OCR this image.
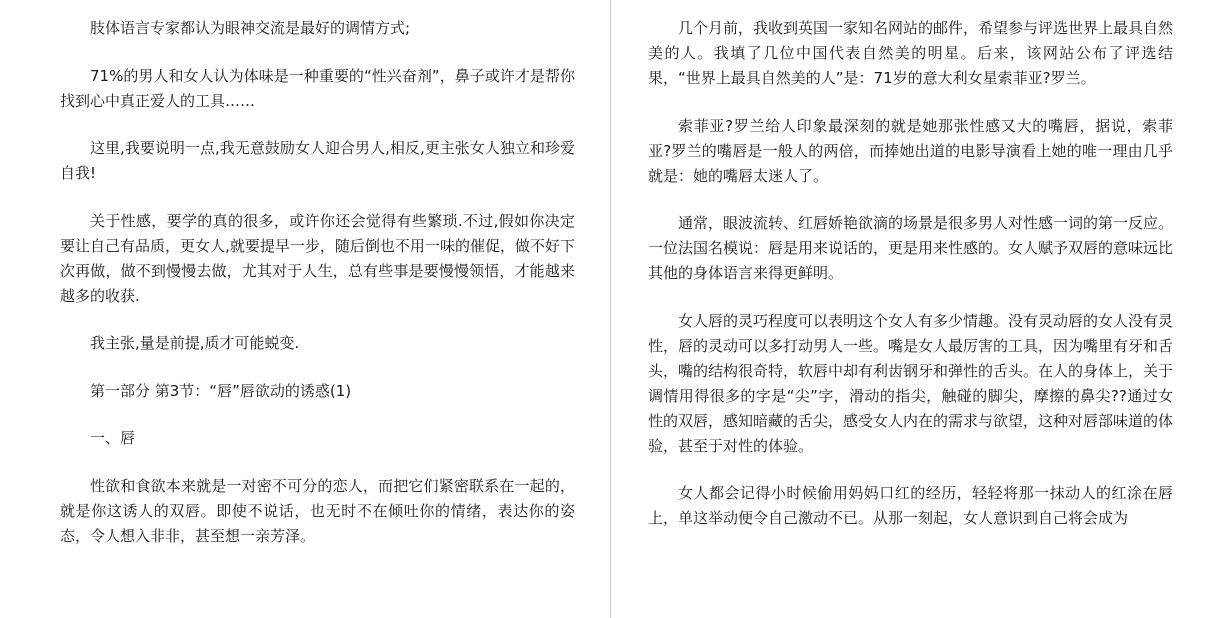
肢体语言专家都认为眼神交流是最好的调情方式;

71%的男人和女人认为体味是一种重要的“性兴奋剂”，鼻子或许才是帮你找到心中真正爱人的工具……

这里,我要说明一点,我无意鼓励女人迎合男人,相反,更主张女人独立和珍爱自我!

关于性感，要学的真的很多，或许你还会觉得有些繁琐.不过,假如你决定要让自己有品质，更女人,就要提早一步，随后倒也不用一味的催促，做不好下次再做，做不到慢慢去做，尤其对于人生，总有些事是要慢慢领悟，才能越来越多的收获.

我主张,量是前提,质才可能蜕变.

第一部分 第3节：“唇”唇欲动的诱惑(1)

一、唇

性欲和食欲本来就是一对密不可分的恋人，而把它们紧密联系在一起的，就是你这诱人的双唇。即使不说话，也无时不在倾吐你的情绪，表达你的姿态，令人想入非非，甚至想一亲芳泽。

几个月前，我收到英国一家知名网站的邮件，希望参与评选世界上最具自然美的人。我填了几位中国代表自然美的明星。后来，该网站公布了评选结果，“世界上最具自然美的人”是：71岁的意大利女星索菲亚?罗兰。

索菲亚?罗兰给人印象最深刻的就是她那张性感又大的嘴唇，据说，索菲亚?罗兰的嘴唇是一般人的两倍，而捧她出道的电影导演看上她的唯一理由几乎就是：她的嘴唇太迷人了。

通常，眼波流转、红唇娇艳欲滴的场景是很多男人对性感一词的第一反应。一位法国名模说：唇是用来说话的，更是用来性感的。女人赋予双唇的意味远比其他的身体语言来得更鲜明。

女人唇的灵巧程度可以表明这个女人有多少情趣。没有灵动唇的女人没有灵性，唇的灵动可以多打动男人一些。嘴是女人最厉害的工具，因为嘴里有牙和舌头，嘴的结构很奇特，软唇中却有利齿钢牙和弹性的舌头。在人的身体上，关于调情用得很多的字是“尖”字，滑动的指尖，触碰的脚尖，摩擦的鼻尖??通过女性的双唇，感知暗藏的舌尖，感受女人内在的需求与欲望，这种对唇部味道的体验，甚至于对性的体验。

女人都会记得小时候偷用妈妈口红的经历，轻轻将那一抹动人的红涂在唇上，单这举动便令自己激动不已。从那一刻起，女人意识到自己将会成为
